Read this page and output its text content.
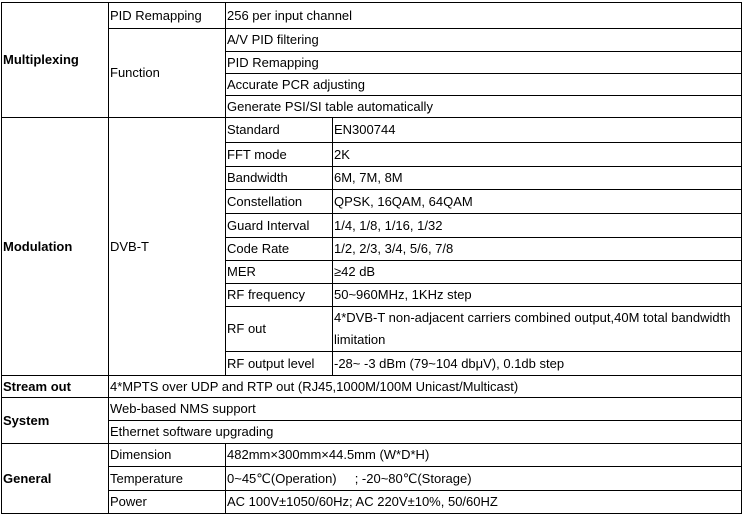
Multiplexing	PID Remapping	256 per input channel	
	Function	A/V PID filtering	
		PID Remapping	
		Accurate PCR adjusting	
		Generate PSI/SI table automatically	
Modulation	DVB-T	Standard	EN300744
		FFT mode	2K
		Bandwidth	6M, 7M, 8M
		Constellation	QPSK, 16QAM, 64QAM
		Guard Interval	1/4, 1/8, 1/16, 1/32
		Code Rate	1/2, 2/3, 3/4, 5/6, 7/8
		MER	≥42 dB
		RF frequency	50~960MHz, 1KHz step
		RF out	4*DVB-T non-adjacent carriers combined output,40M total bandwidth limitation
		RF output level	-28~ -3 dBm (79~104 dbμV), 0.1db step
Stream out	4*MPTS over UDP and RTP out (RJ45,1000M/100M Unicast/Multicast)		
System	Web-based NMS support		
	Ethernet software upgrading		
General	Dimension	482mm×300mm×44.5mm (W*D*H)	
	Temperature	0~45℃(Operation)     ; -20~80℃(Storage)	
	Power	AC 100V±1050/60Hz; AC 220V±10%, 50/60HZ	
